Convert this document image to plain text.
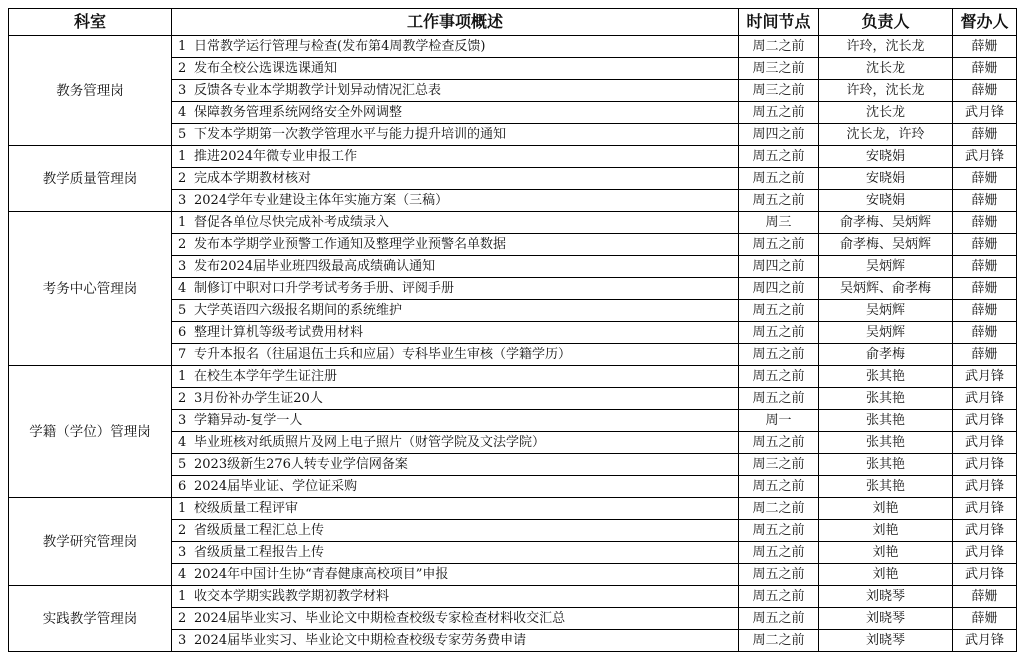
科室	工作事项概述	时间节点	负责人	督办人
教务管理岗	1 日常教学运行管理与检查(发布第4周教学检查反馈)	周二之前	许玲，沈长龙	薛姗
	2 发布全校公选课选课通知	周三之前	沈长龙	薛姗
	3 反馈各专业本学期教学计划异动情况汇总表	周三之前	许玲，沈长龙	薛姗
	4 保障教务管理系统网络安全外网调整	周五之前	沈长龙	武月锋
	5 下发本学期第一次教学管理水平与能力提升培训的通知	周四之前	沈长龙，许玲	薛姗
教学质量管理岗	1 推进2024年微专业申报工作	周五之前	安晓娟	武月锋
	2 完成本学期教材核对	周五之前	安晓娟	薛姗
	3 2024学年专业建设主体年实施方案（三稿）	周五之前	安晓娟	薛姗
考务中心管理岗	1 督促各单位尽快完成补考成绩录入	周三	俞孝梅、吴炳辉	薛姗
	2 发布本学期学业预警工作通知及整理学业预警名单数据	周五之前	俞孝梅、吴炳辉	薛姗
	3 发布2024届毕业班四级最高成绩确认通知	周四之前	吴炳辉	薛姗
	4 制修订中职对口升学考试考务手册、评阅手册	周四之前	吴炳辉、俞孝梅	薛姗
	5 大学英语四六级报名期间的系统维护	周五之前	吴炳辉	薛姗
	6 整理计算机等级考试费用材料	周五之前	吴炳辉	薛姗
	7 专升本报名（往届退伍士兵和应届）专科毕业生审核（学籍学历）	周五之前	俞孝梅	薛姗
学籍（学位）管理岗	1 在校生本学年学生证注册	周五之前	张其艳	武月锋
	2 3月份补办学生证20人	周五之前	张其艳	武月锋
	3 学籍异动-复学一人	周一	张其艳	武月锋
	4 毕业班核对纸质照片及网上电子照片（财管学院及文法学院）	周五之前	张其艳	武月锋
	5 2023级新生276人转专业学信网备案	周三之前	张其艳	武月锋
	6 2024届毕业证、学位证采购	周五之前	张其艳	武月锋
教学研究管理岗	1 校级质量工程评审	周二之前	刘艳	武月锋
	2 省级质量工程汇总上传	周五之前	刘艳	武月锋
	3 省级质量工程报告上传	周五之前	刘艳	武月锋
	4 2024年中国计生协“青春健康高校项目”申报	周五之前	刘艳	武月锋
实践教学管理岗	1 收交本学期实践教学期初教学材料	周五之前	刘晓琴	薛姗
	2 2024届毕业实习、毕业论文中期检查校级专家检查材料收交汇总	周五之前	刘晓琴	薛姗
	3 2024届毕业实习、毕业论文中期检查校级专家劳务费申请	周二之前	刘晓琴	武月锋
